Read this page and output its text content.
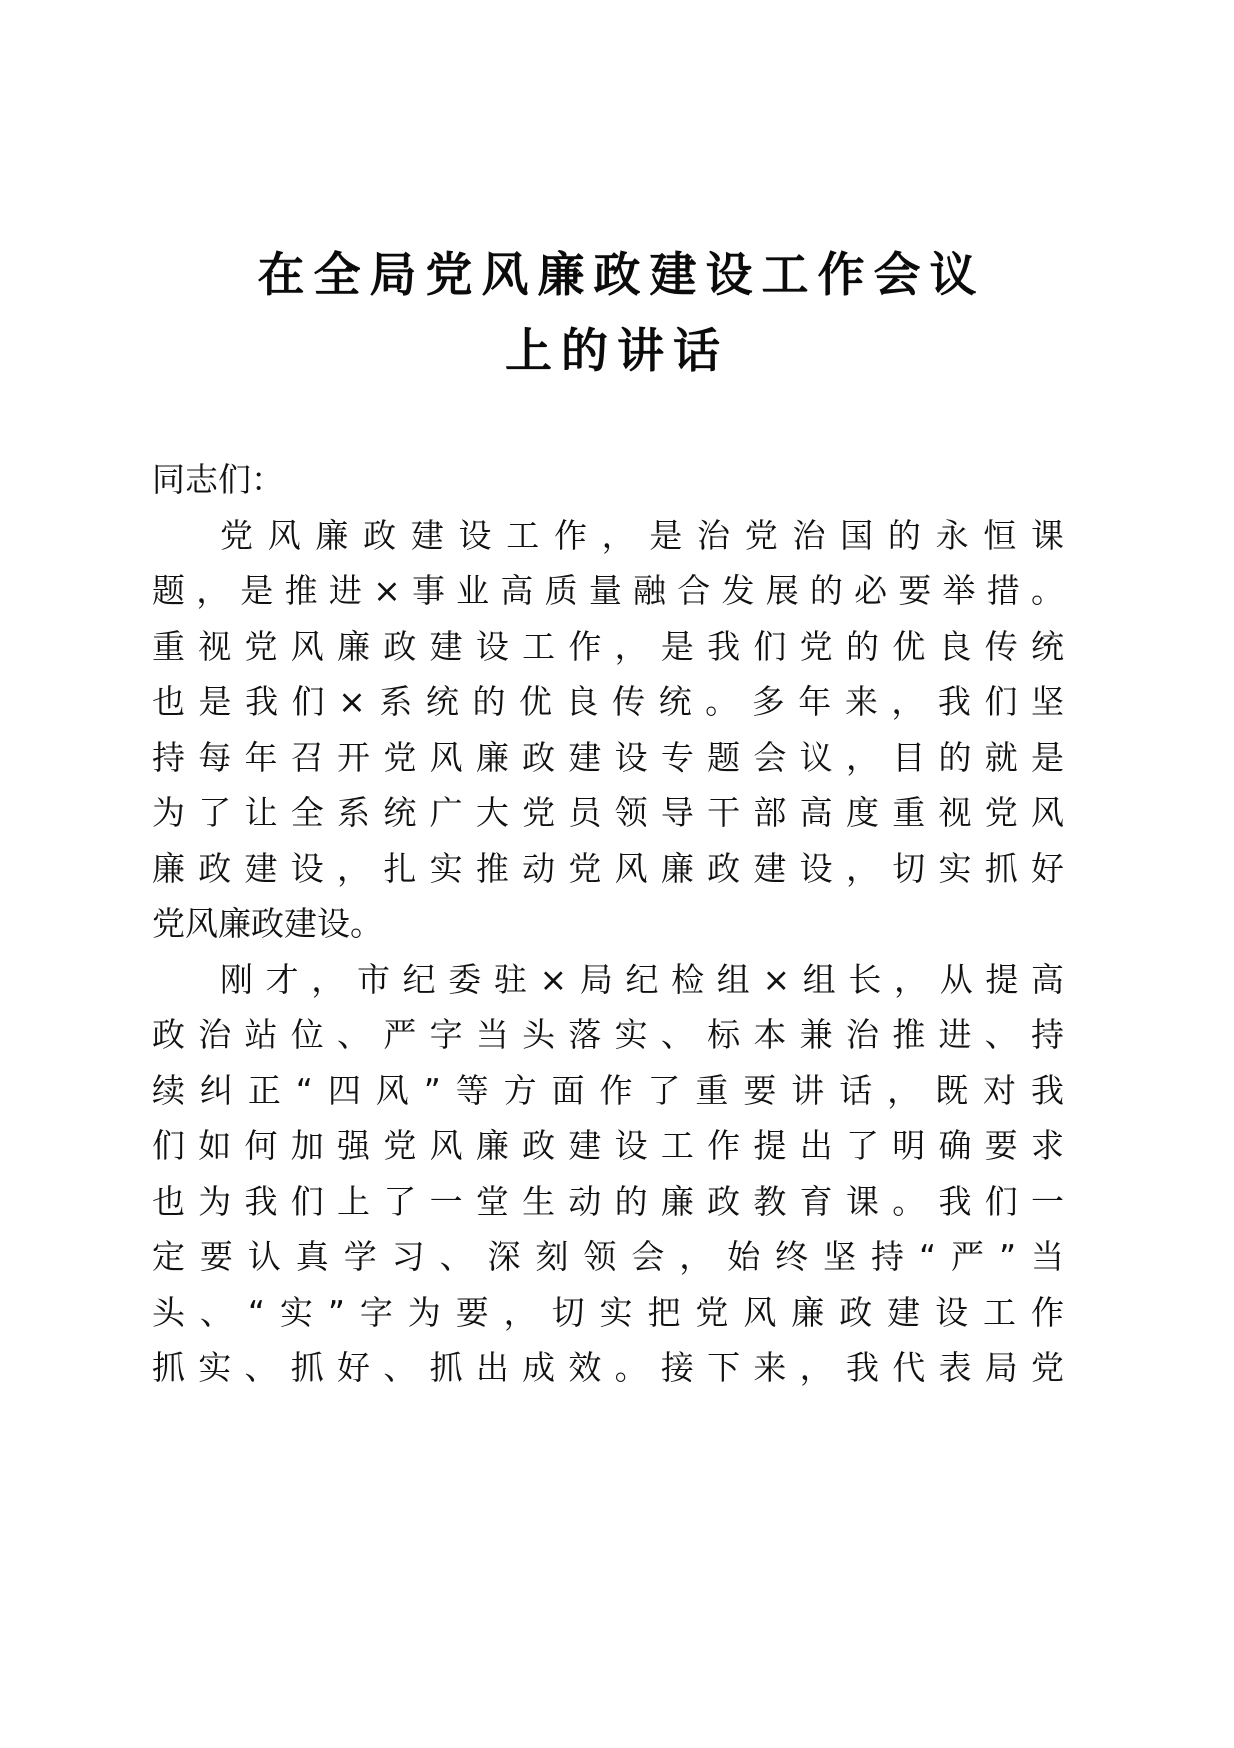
在全局党风廉政建设工作会议
上的讲话

同志们：

党风廉政建设工作，是治党治国的永恒课
题，是推进×事业高质量融合发展的必要举措。
重视党风廉政建设工作，是我们党的优良传统
也是我们×系统的优良传统。多年来，我们坚
持每年召开党风廉政建设专题会议，目的就是
为了让全系统广大党员领导干部高度重视党风
廉政建设，扎实推动党风廉政建设，切实抓好
党风廉政建设。

刚才，市纪委驻×局纪检组×组长，从提高
政治站位、严字当头落实、标本兼治推进、持
续纠正“四风”等方面作了重要讲话，既对我
们如何加强党风廉政建设工作提出了明确要求
也为我们上了一堂生动的廉政教育课。我们一
定要认真学习、深刻领会，始终坚持“严”当
头、“实”字为要，切实把党风廉政建设工作
抓实、抓好、抓出成效。接下来，我代表局党
